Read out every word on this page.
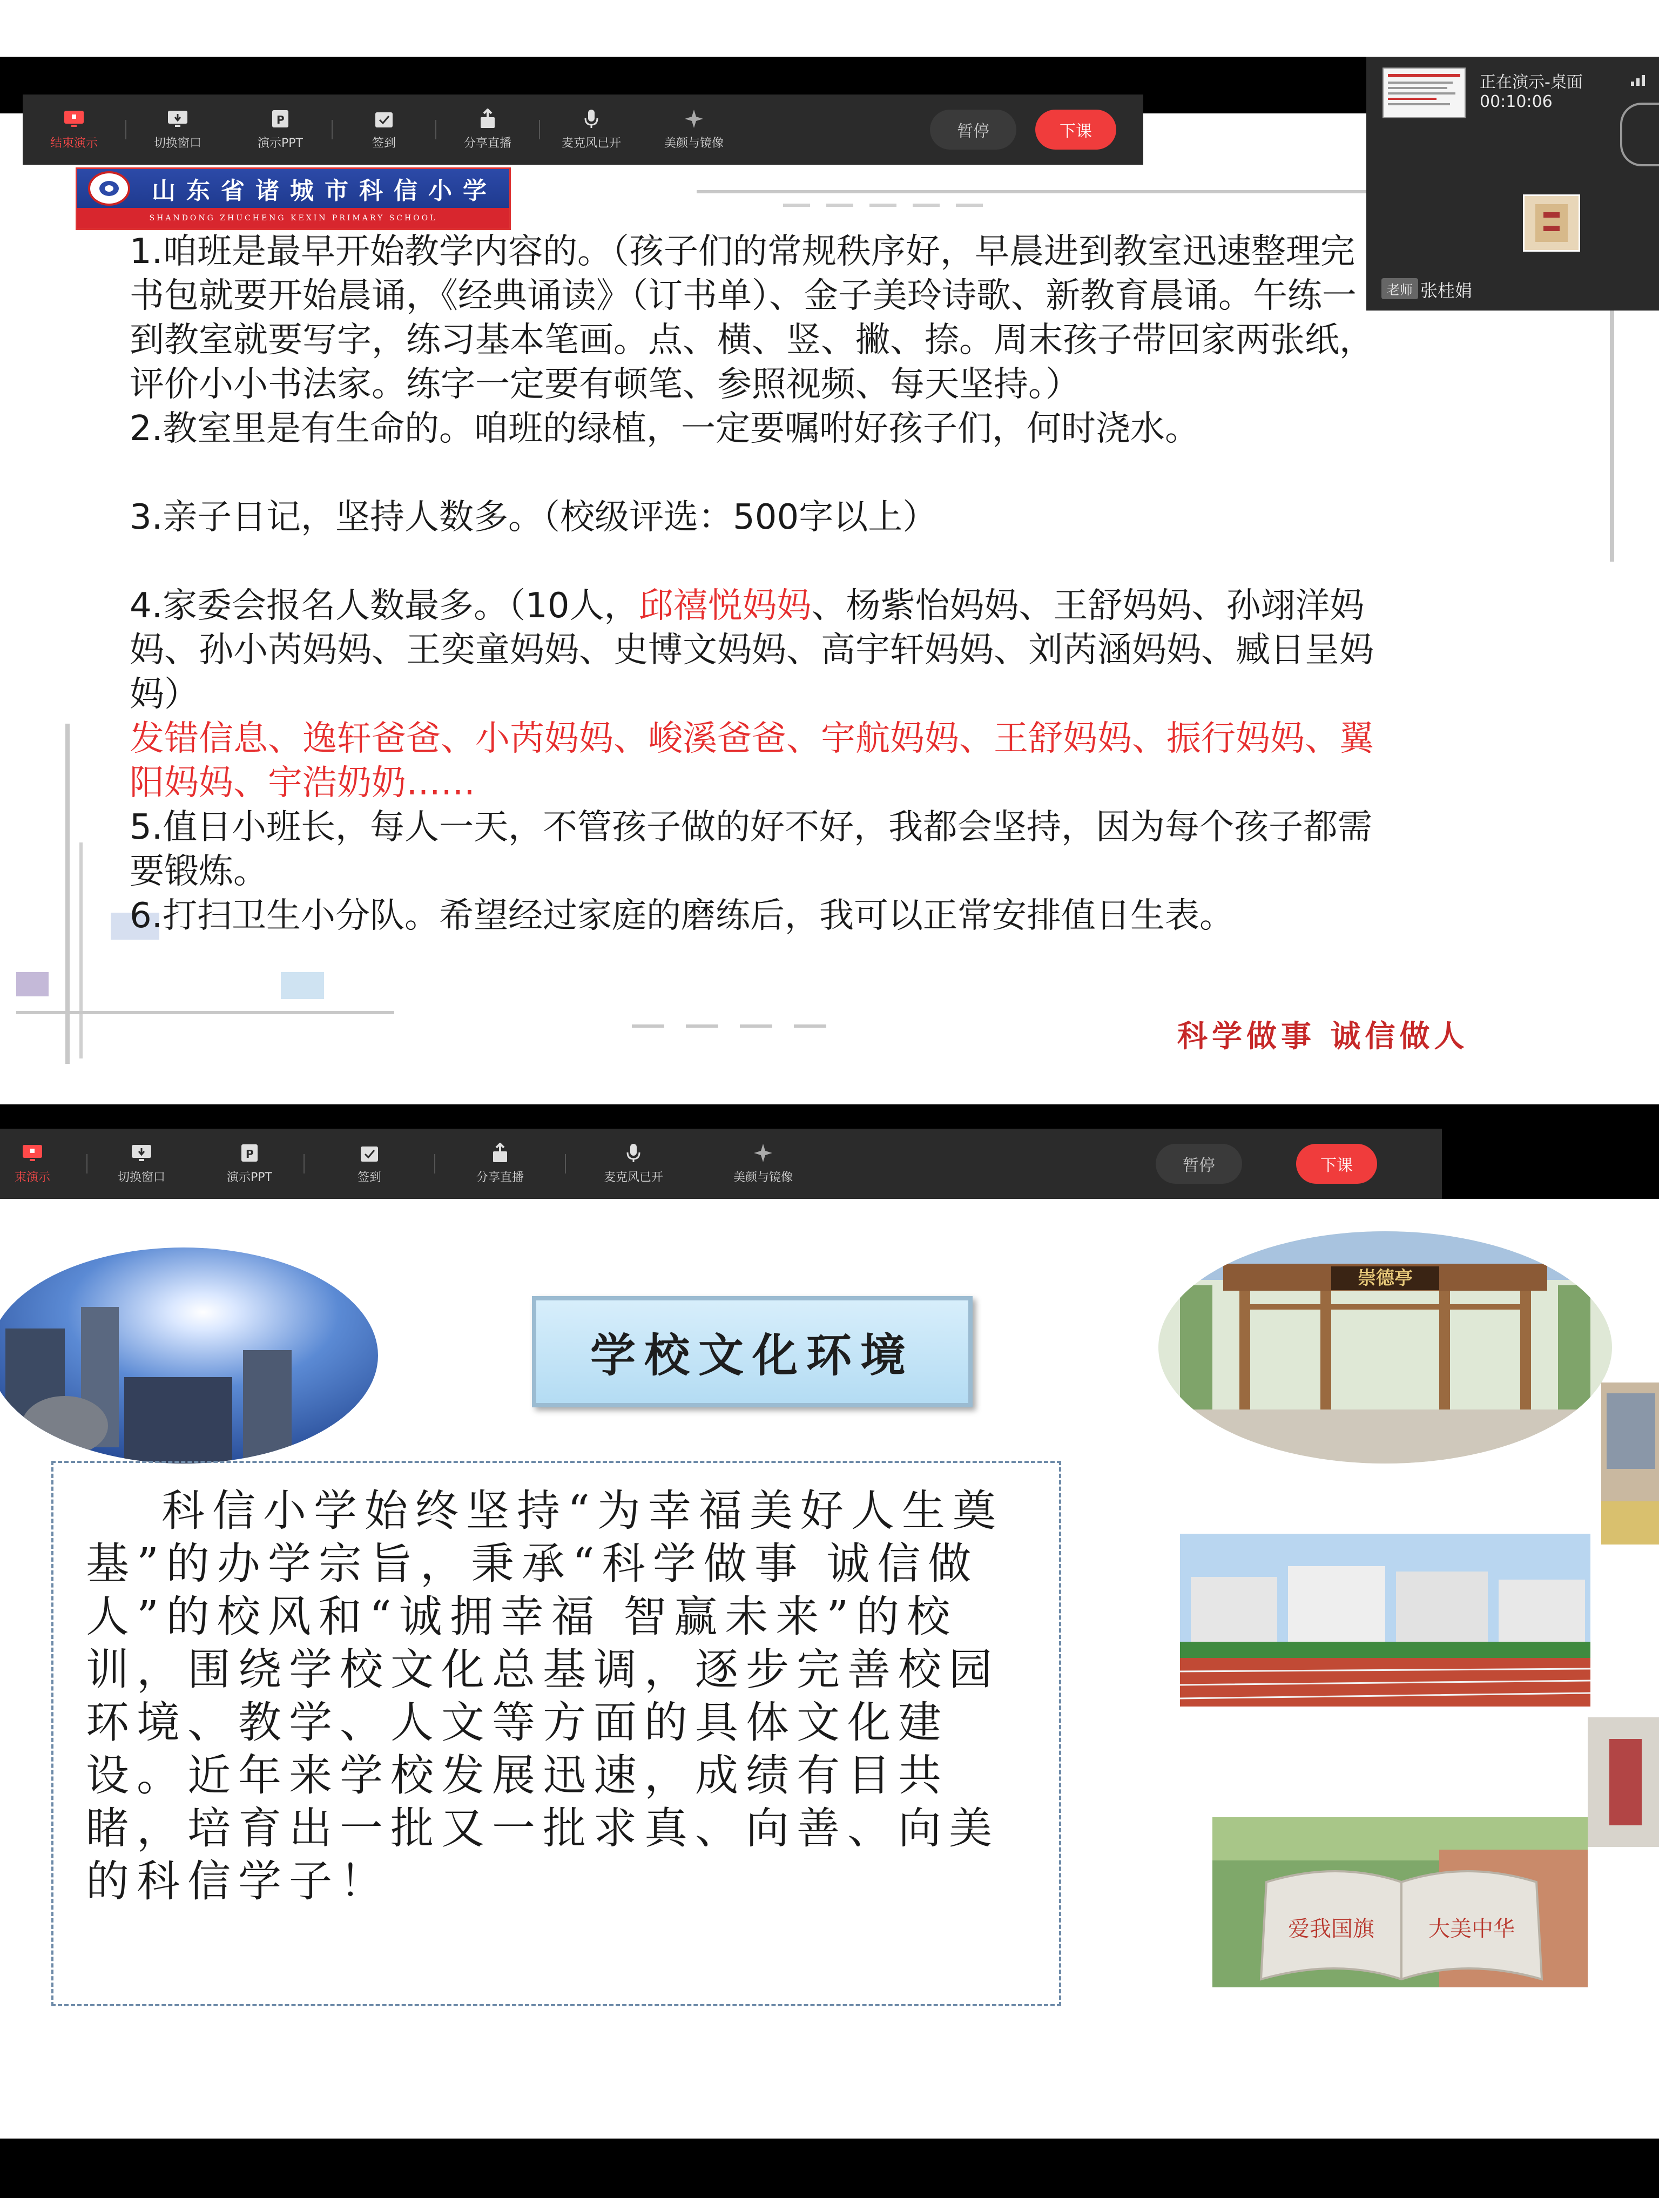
山东省诸城市科信小学
SHANDONG ZHUCHENG KEXIN PRIMARY SCHOOL

1.咱班是最早开始教学内容的。（孩子们的常规秩序好，早晨进到教室迅速整理完书包就要开始晨诵，《经典诵读》（订书单）、金子美玲诗歌、新教育晨诵。午练一到教室就要写字，练习基本笔画。点、横、竖、撇、捺。周末孩子带回家两张纸，评价小小书法家。练字一定要有顿笔、参照视频、每天坚持。）

2.教室里是有生命的。咱班的绿植，一定要嘱咐好孩子们，何时浇水。

3.亲子日记，坚持人数多。（校级评选：500字以上）

4.家委会报名人数最多。（10人，邱禧悦妈妈、杨紫怡妈妈、王舒妈妈、孙翊洋妈妈、孙小芮妈妈、王奕童妈妈、史博文妈妈、高宇轩妈妈、刘芮涵妈妈、臧日呈妈妈）

发错信息、逸轩爸爸、小芮妈妈、峻溪爸爸、宇航妈妈、王舒妈妈、振行妈妈、翼阳妈妈、宇浩奶奶……

5.值日小班长，每人一天，不管孩子做的好不好，我都会坚持，因为每个孩子都需要锻炼。

6.打扫卫生小分队。希望经过家庭的磨练后，我可以正常安排值日生表。

科学做事 诚信做人
结束演示	切换窗口
P
演示PPT	签到	分享直播	麦克风已开	美颜与镜像
暂停	下课
正在演示-桌面
00:10:06
老师 张桂娟
学校文化环境

科信小学始终坚持“为幸福美好人生奠基”的办学宗旨，秉承“科学做事 诚信做人”的校风和“诚拥幸福 智赢未来”的校训，围绕学校文化总基调，逐步完善校园环境、教学、人文等方面的具体文化建设。近年来学校发展迅速，成绩有目共睹，培育出一批又一批求真、向善、向美的科信学子！

崇德亭
爱我国旗	大美中华
束演示	切换窗口
P
演示PPT	签到	分享直播	麦克风已开	美颜与镜像
暂停	下课
